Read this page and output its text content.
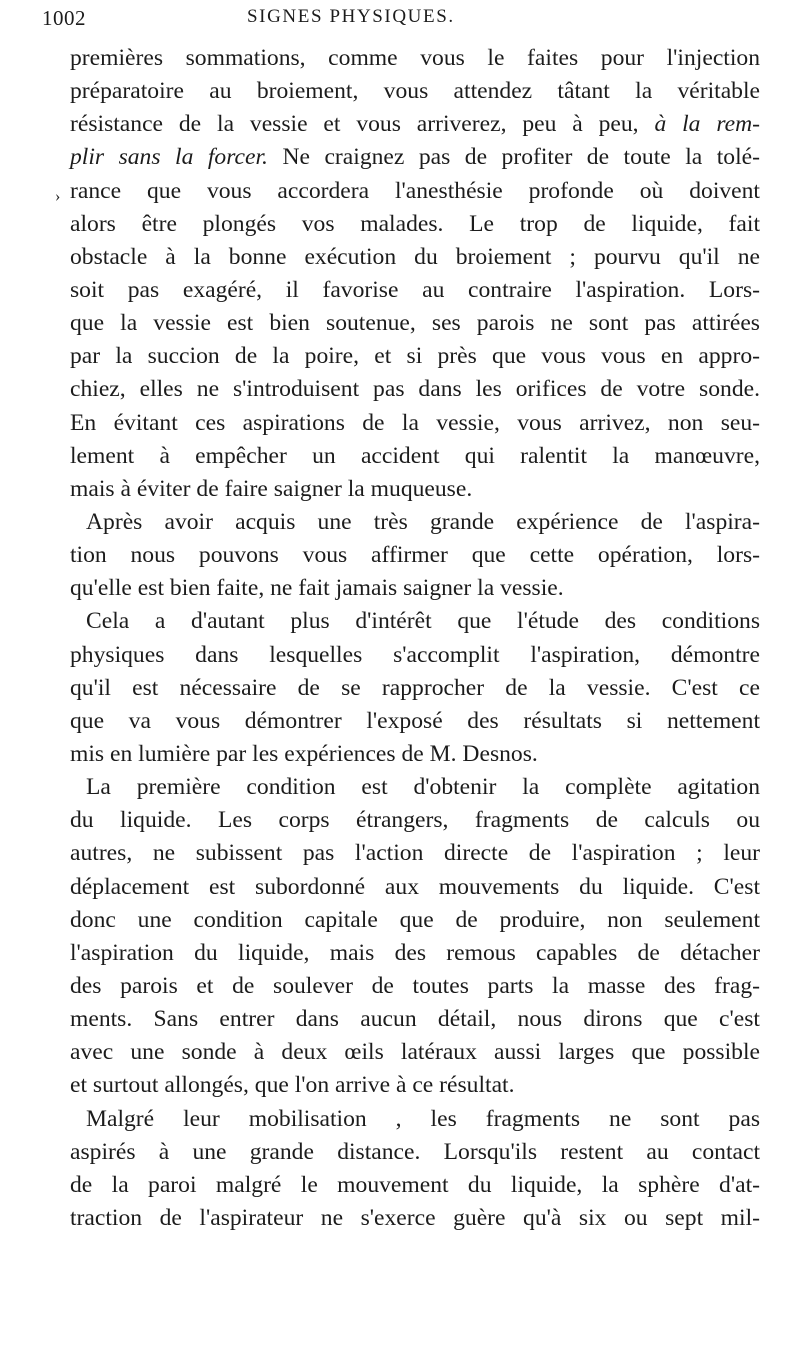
1002	SIGNES PHYSIQUES.
›
premières sommations, comme vous le faites pour l'injection
préparatoire au broiement, vous attendez tâtant la véritable
résistance de la vessie et vous arriverez, peu à peu, à la rem-
plir sans la forcer. Ne craignez pas de profiter de toute la tolé-
rance que vous accordera l'anesthésie profonde où doivent
alors être plongés vos malades. Le trop de liquide, fait
obstacle à la bonne exécution du broiement ; pourvu qu'il ne
soit pas exagéré, il favorise au contraire l'aspiration. Lors-
que la vessie est bien soutenue, ses parois ne sont pas attirées
par la succion de la poire, et si près que vous vous en appro-
chiez, elles ne s'introduisent pas dans les orifices de votre sonde.
En évitant ces aspirations de la vessie, vous arrivez, non seu-
lement à empêcher un accident qui ralentit la manœuvre,
mais à éviter de faire saigner la muqueuse.
Après avoir acquis une très grande expérience de l'aspira-
tion nous pouvons vous affirmer que cette opération, lors-
qu'elle est bien faite, ne fait jamais saigner la vessie.
Cela a d'autant plus d'intérêt que l'étude des conditions
physiques dans lesquelles s'accomplit l'aspiration, démontre
qu'il est nécessaire de se rapprocher de la vessie. C'est ce
que va vous démontrer l'exposé des résultats si nettement
mis en lumière par les expériences de M. Desnos.
La première condition est d'obtenir la complète agitation
du liquide. Les corps étrangers, fragments de calculs ou
autres, ne subissent pas l'action directe de l'aspiration ; leur
déplacement est subordonné aux mouvements du liquide. C'est
donc une condition capitale que de produire, non seulement
l'aspiration du liquide, mais des remous capables de détacher
des parois et de soulever de toutes parts la masse des frag-
ments. Sans entrer dans aucun détail, nous dirons que c'est
avec une sonde à deux œils latéraux aussi larges que possible
et surtout allongés, que l'on arrive à ce résultat.
Malgré leur mobilisation , les fragments ne sont pas
aspirés à une grande distance. Lorsqu'ils restent au contact
de la paroi malgré le mouvement du liquide, la sphère d'at-
traction de l'aspirateur ne s'exerce guère qu'à six ou sept mil-
